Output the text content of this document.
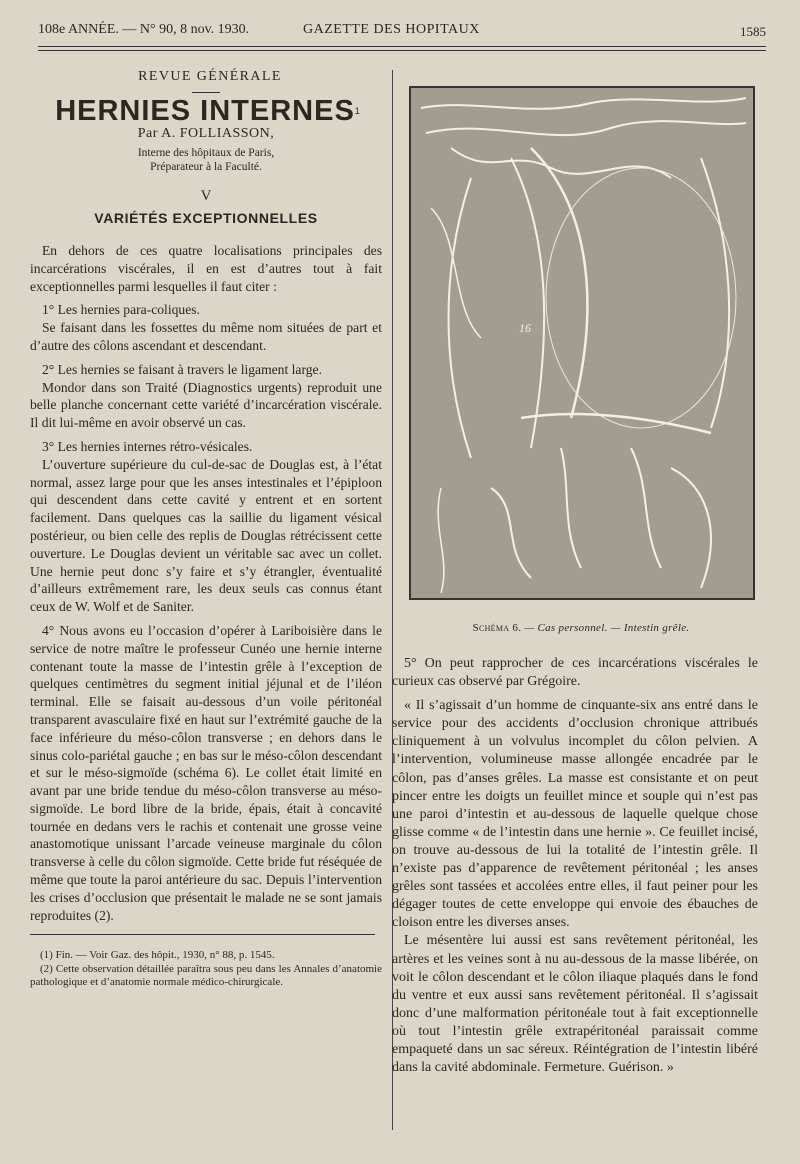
108e ANNÉE. — N° 90, 8 nov. 1930.	GAZETTE DES HOPITAUX	1585
REVUE GÉNÉRALE
HERNIES INTERNES$^1$
Par A. FOLLIASSON,
Interne des hôpitaux de Paris,
Préparateur à la Faculté.
V
VARIÉTÉS EXCEPTIONNELLES

En dehors de ces quatre localisations principales des incarcérations viscérales, il en est d’autres tout à fait exceptionnelles parmi lesquelles il faut citer :

1° Les hernies para-coliques.

Se faisant dans les fossettes du même nom situées de part et d’autre des côlons ascendant et descendant.

2° Les hernies se faisant à travers le ligament large.

Mondor dans son Traité (Diagnostics urgents) reproduit une belle planche concernant cette variété d’incarcération viscérale. Il dit lui-même en avoir observé un cas.

3° Les hernies internes rétro-vésicales.

L’ouverture supérieure du cul-de-sac de Douglas est, à l’état normal, assez large pour que les anses intestinales et l’épiploon qui descendent dans cette cavité y entrent et en sortent facilement. Dans quelques cas la saillie du ligament vésical postérieur, ou bien celle des replis de Douglas rétrécissent cette ouverture. Le Douglas devient un véritable sac avec un collet. Une hernie peut donc s’y faire et s’y étrangler, éventualité d’ailleurs extrêmement rare, les deux seuls cas connus étant ceux de W. Wolf et de Saniter.

4° Nous avons eu l’occasion d’opérer à Lariboisière dans le service de notre maître le professeur Cunéo une hernie interne contenant toute la masse de l’intestin grêle à l’exception de quelques centimètres du segment initial jéjunal et de l’iléon terminal. Elle se faisait au-dessous d’un voile péritonéal transparent avasculaire fixé en haut sur l’extrémité gauche de la face inférieure du méso-côlon transverse ; en dehors dans le sinus colo-pariétal gauche ; en bas sur le méso-côlon descendant et sur le méso-sigmoïde (schéma 6). Le collet était limité en avant par une bride tendue du méso-côlon transverse au méso-sigmoïde. Le bord libre de la bride, épais, était à concavité tournée en dedans vers le rachis et contenait une grosse veine anastomotique unissant l’arcade veineuse marginale du côlon transverse à celle du côlon sigmoïde. Cette bride fut réséquée de même que toute la paroi antérieure du sac. Depuis l’intervention les crises d’occlusion que présentait le malade ne se sont jamais reproduites (2).

(1) Fin. — Voir Gaz. des hôpit., 1930, n° 88, p. 1545.

(2) Cette observation détaillée paraîtra sous peu dans les Annales d’anatomie pathologique et d’anatomie normale médico-chirurgicale.

16
Schéma 6. — Cas personnel. — Intestin grêle.

5° On peut rapprocher de ces incarcérations viscérales le curieux cas observé par Grégoire.

« Il s’agissait d’un homme de cinquante-six ans entré dans le service pour des accidents d’occlusion chronique attribués cliniquement à un volvulus incomplet du côlon pelvien. A l’intervention, volumineuse masse allongée encadrée par le côlon, pas d’anses grêles. La masse est consistante et on peut pincer entre les doigts un feuillet mince et souple qui n’est pas une paroi d’intestin et au-dessous de laquelle quelque chose glisse comme « de l’intestin dans une hernie ». Ce feuillet incisé, on trouve au-dessous de lui la totalité de l’intestin grêle. Il n’existe pas d’apparence de revêtement péritonéal ; les anses grêles sont tassées et accolées entre elles, il faut peiner pour les dégager toutes de cette enveloppe qui envoie des ébauches de cloison entre les diverses anses.

Le mésentère lui aussi est sans revêtement péritonéal, les artères et les veines sont à nu au-dessous de la masse libérée, on voit le côlon descendant et le côlon iliaque plaqués dans le fond du ventre et eux aussi sans revêtement péritonéal. Il s’agissait donc d’une malformation péritonéale tout à fait exceptionnelle où tout l’intestin grêle extrapéritonéal paraissait comme empaqueté dans un sac séreux. Réintégration de l’intestin libéré dans la cavité abdominale. Fermeture. Guérison. »
